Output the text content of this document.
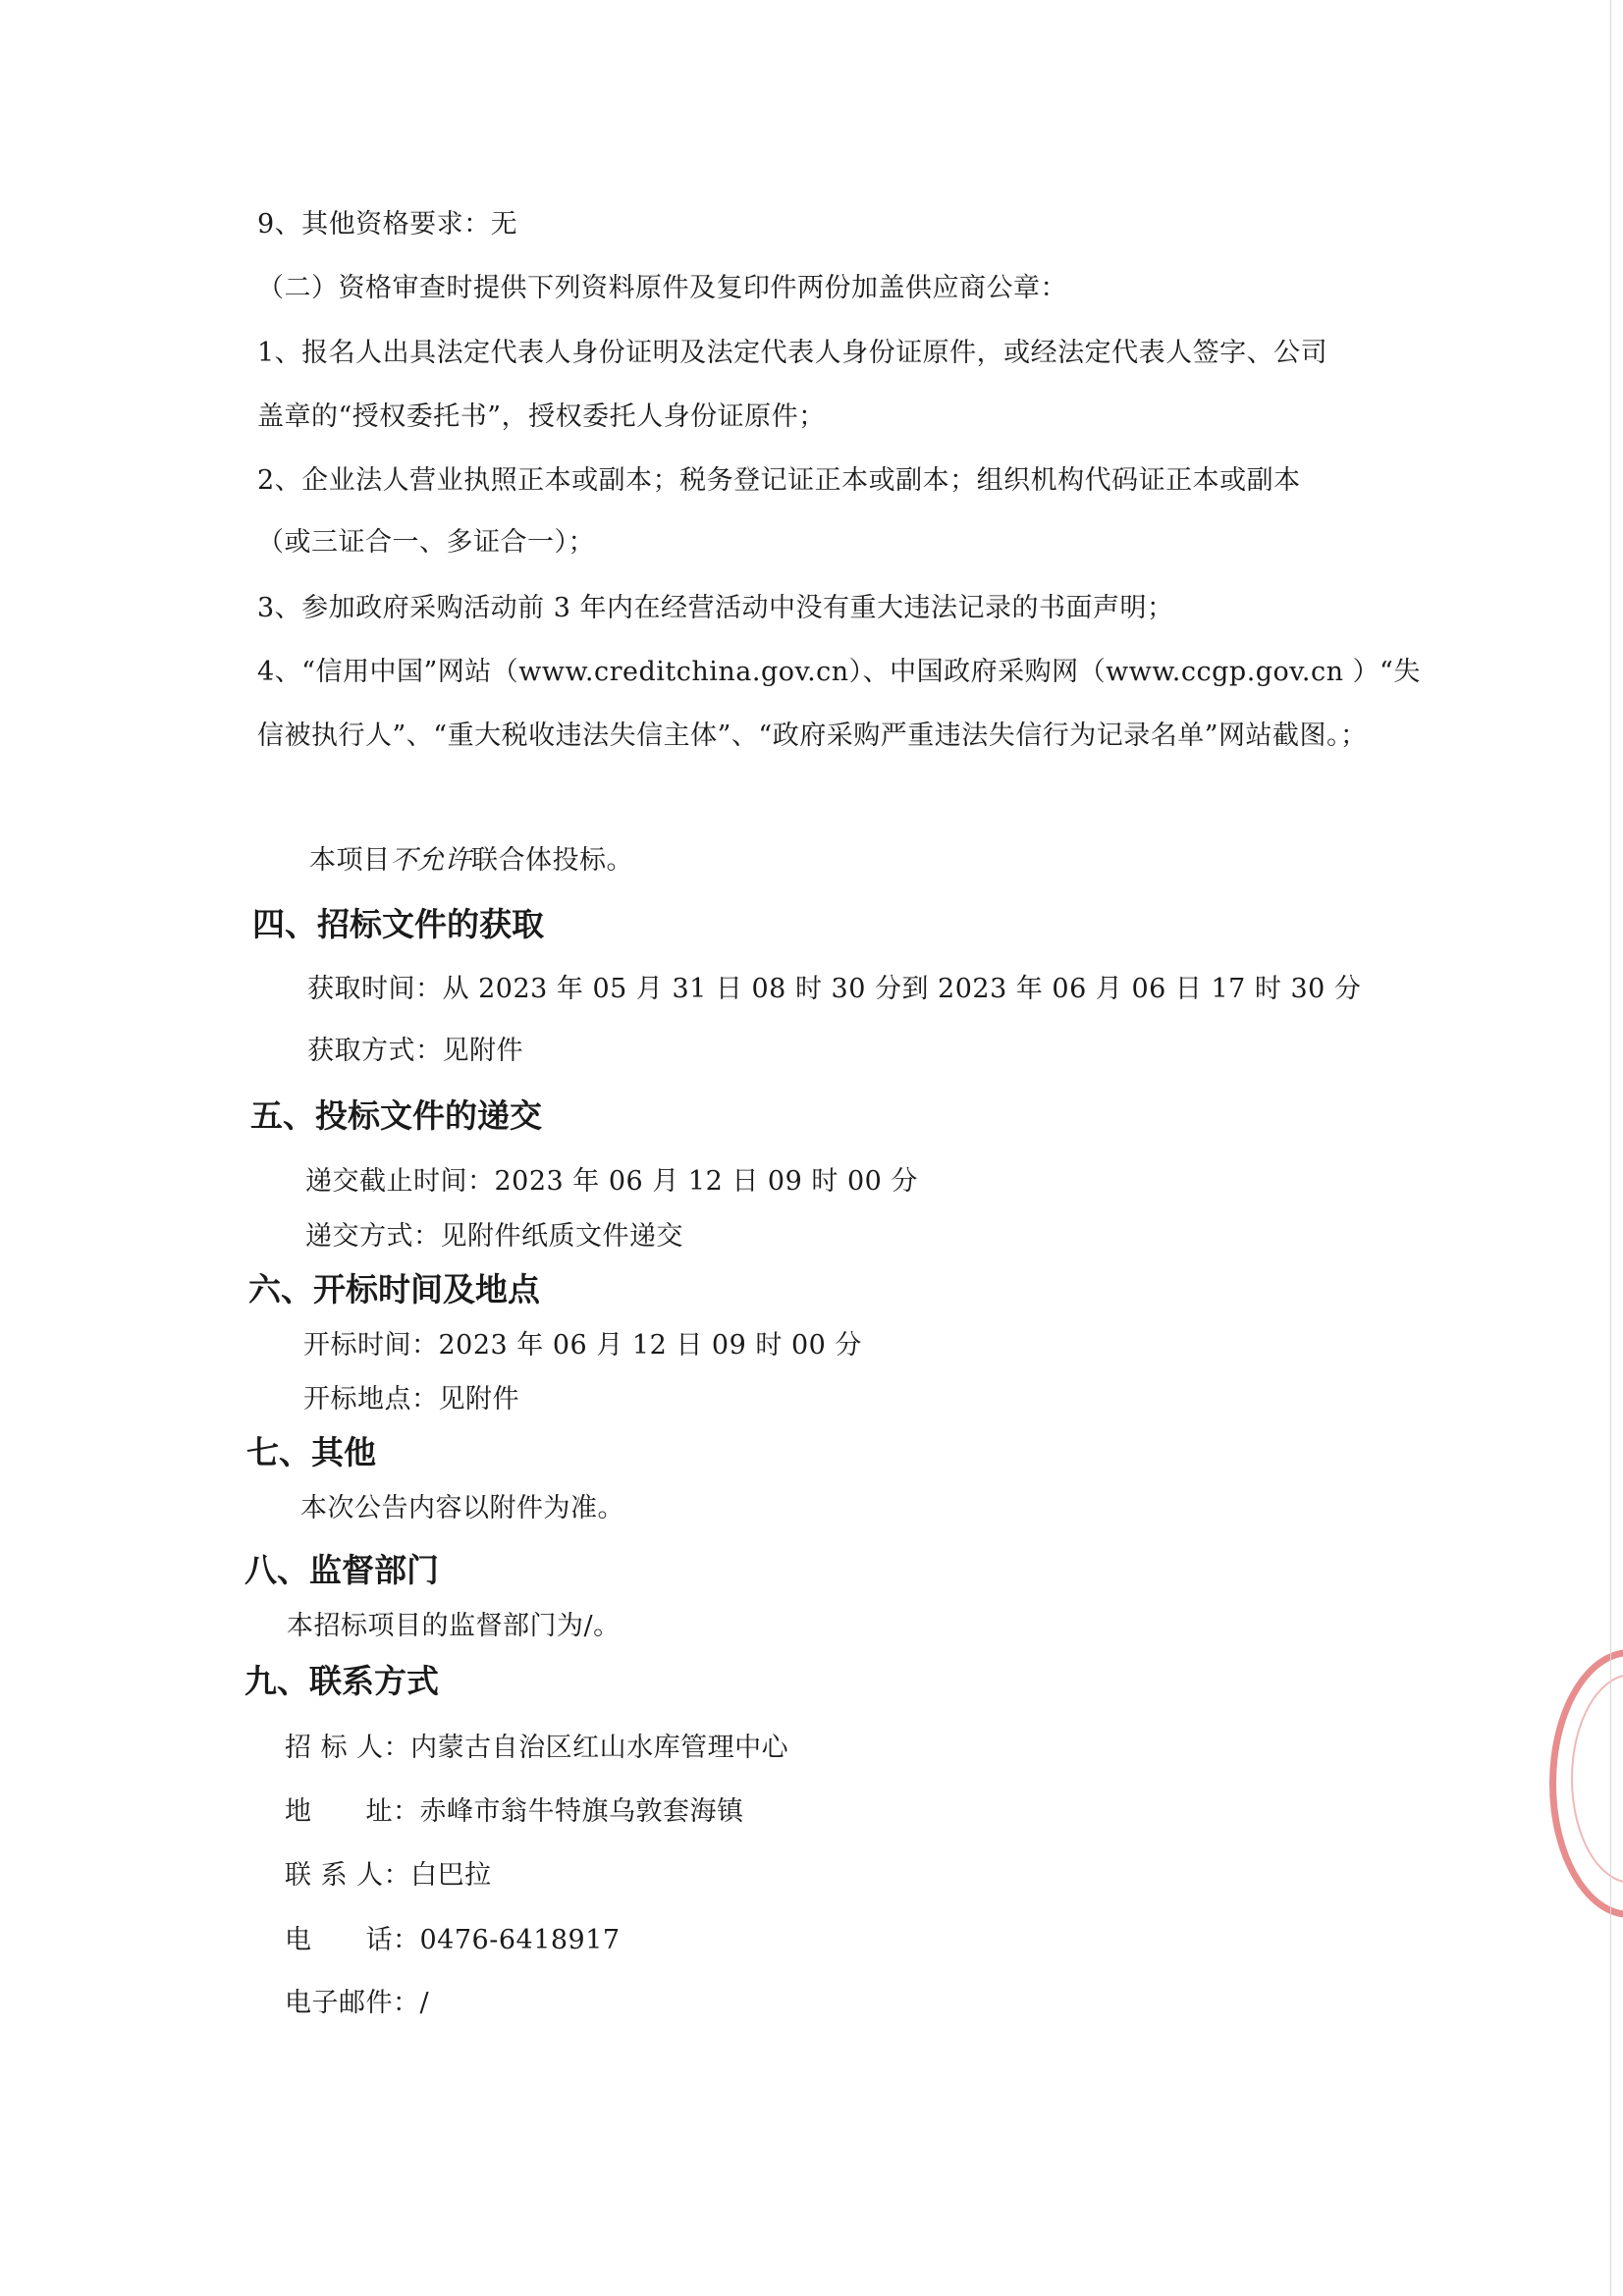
9、其他资格要求：无
（二）资格审查时提供下列资料原件及复印件两份加盖供应商公章：
1、报名人出具法定代表人身份证明及法定代表人身份证原件，或经法定代表人签字、公司
盖章的“授权委托书”，授权委托人身份证原件；
2、企业法人营业执照正本或副本；税务登记证正本或副本；组织机构代码证正本或副本
（或三证合一、多证合一）；
3、参加政府采购活动前 3 年内在经营活动中没有重大违法记录的书面声明；
4、“信用中国”网站（www.creditchina.gov.cn）、中国政府采购网（www.ccgp.gov.cn ）“失
信被执行人”、“重大税收违法失信主体”、“政府采购严重违法失信行为记录名单”网站截图。；
本项目不允许联合体投标。
四、招标文件的获取
获取时间：从 2023 年 05 月 31 日 08 时 30 分到 2023 年 06 月 06 日 17 时 30 分
获取方式：见附件
五、投标文件的递交
递交截止时间：2023 年 06 月 12 日 09 时 00 分
递交方式：见附件纸质文件递交
六、开标时间及地点
开标时间：2023 年 06 月 12 日 09 时 00 分
开标地点：见附件
七、其他
本次公告内容以附件为准。
八、监督部门
本招标项目的监督部门为/。
九、联系方式
招 标 人：内蒙古自治区红山水库管理中心
地　　址：赤峰市翁牛特旗乌敦套海镇
联 系 人：白巴拉
电　　话：0476-6418917
电子邮件：/
